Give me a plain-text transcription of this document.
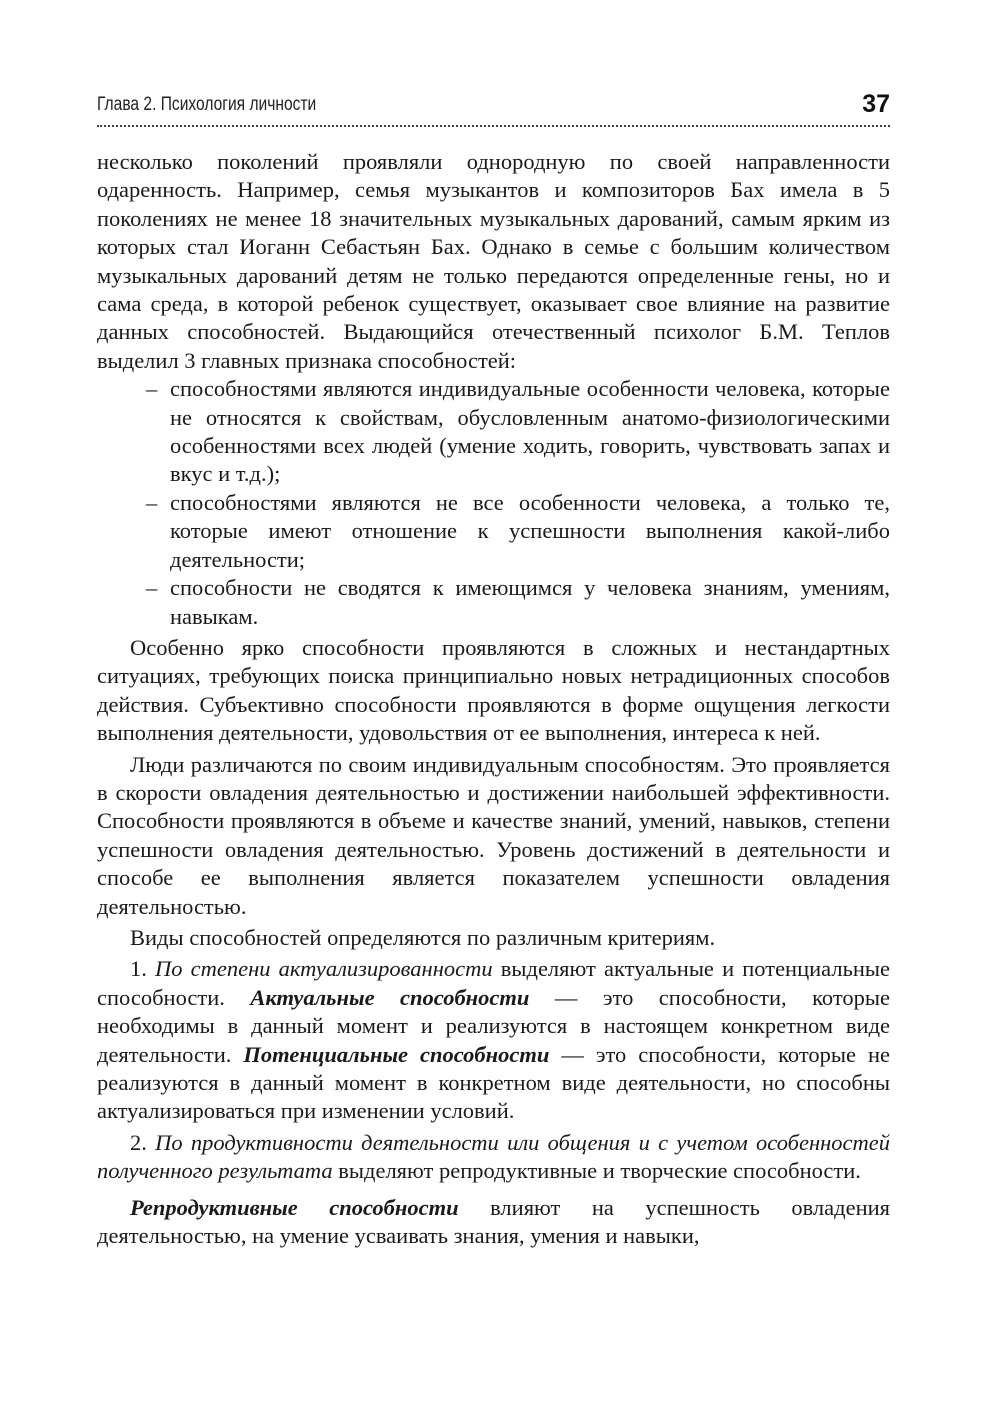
Глава 2. Психология личности	37

несколько поколений проявляли однородную по своей направленности одаренность. Например, семья музыкантов и композиторов Бах имела в 5 поколениях не менее 18 значительных музыкальных дарований, самым ярким из которых стал Иоганн Себастьян Бах. Однако в семье с большим количеством музыкальных дарований детям не только передаются определенные гены, но и сама среда, в которой ребенок существует, оказывает свое влияние на развитие данных способностей. Выдающийся отечественный психолог Б.М. Теплов выделил 3 главных признака способностей:

– способностями являются индивидуальные особенности человека, которые не относятся к свойствам, обусловленным анатомо-физиологическими особенностями всех людей (умение ходить, говорить, чувствовать запах и вкус и т.д.);
– способностями являются не все особенности человека, а только те, которые имеют отношение к успешности выполнения какой-либо деятельности;
– способности не сводятся к имеющимся у человека знаниям, умениям, навыкам.

Особенно ярко способности проявляются в сложных и нестандартных ситуациях, требующих поиска принципиально новых нетрадиционных способов действия. Субъективно способности проявляются в форме ощущения легкости выполнения деятельности, удовольствия от ее выполнения, интереса к ней.

Люди различаются по своим индивидуальным способностям. Это проявляется в скорости овладения деятельностью и достижении наибольшей эффективности. Способности проявляются в объеме и качестве знаний, умений, навыков, степени успешности овладения деятельностью. Уровень достижений в деятельности и способе ее выполнения является показателем успешности овладения деятельностью.

Виды способностей определяются по различным критериям.

1. По степени актуализированности выделяют актуальные и потенциальные способности. Актуальные способности — это способности, которые необходимы в данный момент и реализуются в настоящем конкретном виде деятельности. Потенциальные способности — это способности, которые не реализуются в данный момент в конкретном виде деятельности, но способны актуализироваться при изменении условий.

2. По продуктивности деятельности или общения и с учетом особенностей полученного результата выделяют репродуктивные и творческие способности.

Репродуктивные способности влияют на успешность овладения деятельностью, на умение усваивать знания, умения и навыки,
